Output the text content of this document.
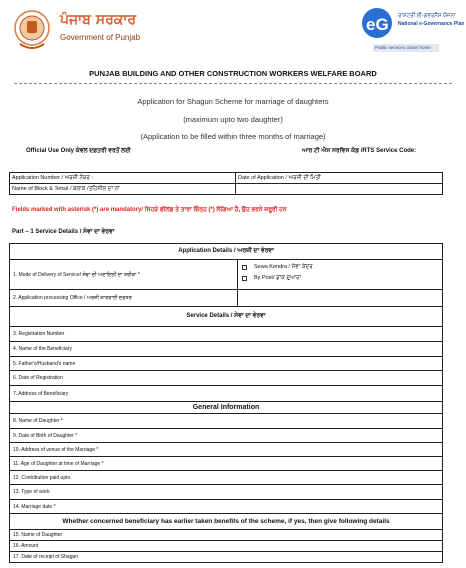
ਪੰਜਾਬ ਸਰਕਾਰ
Government of Punjab
eG ਰਾਸ਼ਟਰੀ ਈ-ਗਵਰਨੈਂਸ ਯੋਜਨਾ
National e-Governance Plan
Public services closer home
PUNJAB BUILDING AND OTHER CONSTRUCTION WORKERS WELFARE BOARD
Application for Shagun Scheme for marriage of daughters
(maximum upto two daughter)
(Application to be filled within three months of marriage)
Official Use Only ਕੇਵਲ ਦਫ਼ਤਰੀ ਵਰਤੋਂ ਲਈ	ਆਰ ਟੀ ਐਸ ਸਰਵਿਸ ਕੋਡ /RTS Service Code:
Application Number / ਅਰਜ਼ੀ ਨੰਬਰ :	Date of Application / ਅਰਜ਼ੀ ਦੀ ਮਿਤੀ
Name of Block & Tehsil / ਬਲਾਕ /ਤਹਿਸੀਲ ਦਾ ਨਾਂ	
Fields marked with asterisk (*) are mandatory/ ਜਿਹੜੇ ਫੀਲਡ ਤੇ ਤਾਰਾ ਚਿੰਨ੍ਹ (*) ਲੱਗਿਆ ਹੈ, ਉਹ ਭਰਨੇ ਜ਼ਰੂਰੀ ਹਨ
Part – 1 Service Details / ਸੇਵਾ ਦਾ ਵੇਰਵਾ
Application Details / ਅਰਜ਼ੀ ਦਾ ਵੇਰਵਾ
1. Mode of Delivery of Service/ ਸੇਵਾ ਦੀ ਅਦਾਇਗੀ ਦਾ ਤਰੀਕਾ *
Sewa Kendra / ਸੇਵਾ ਕੇਂਦਰ
By Post/ ਡਾਕ ਦੁਆਰਾ
2. Application processing Office / ਅਰਜ਼ੀ ਕਾਰਵਾਈ ਦਫ਼ਤਰ
Service Details / ਸੇਵਾ ਦਾ ਵੇਰਵਾ
3. Registration Number
4. Name of the Beneficiary
5. Father's/Husband's name
6. Date of Registration
7. Address of Beneficiary
General Information
8. Name of Daughter *
9. Date of Birth of Daughter *
10. Address of venue of the Marriage *
11. Age of Daughter at time of Marriage *
12. Contribution paid upto
13. Type of work
14. Marriage date *
Whether concerned beneficiary has earlier taken benefits of the scheme, if yes, then give following details
15. Name of Daughter
16. Amount
17. Date of receipt of Shagun
